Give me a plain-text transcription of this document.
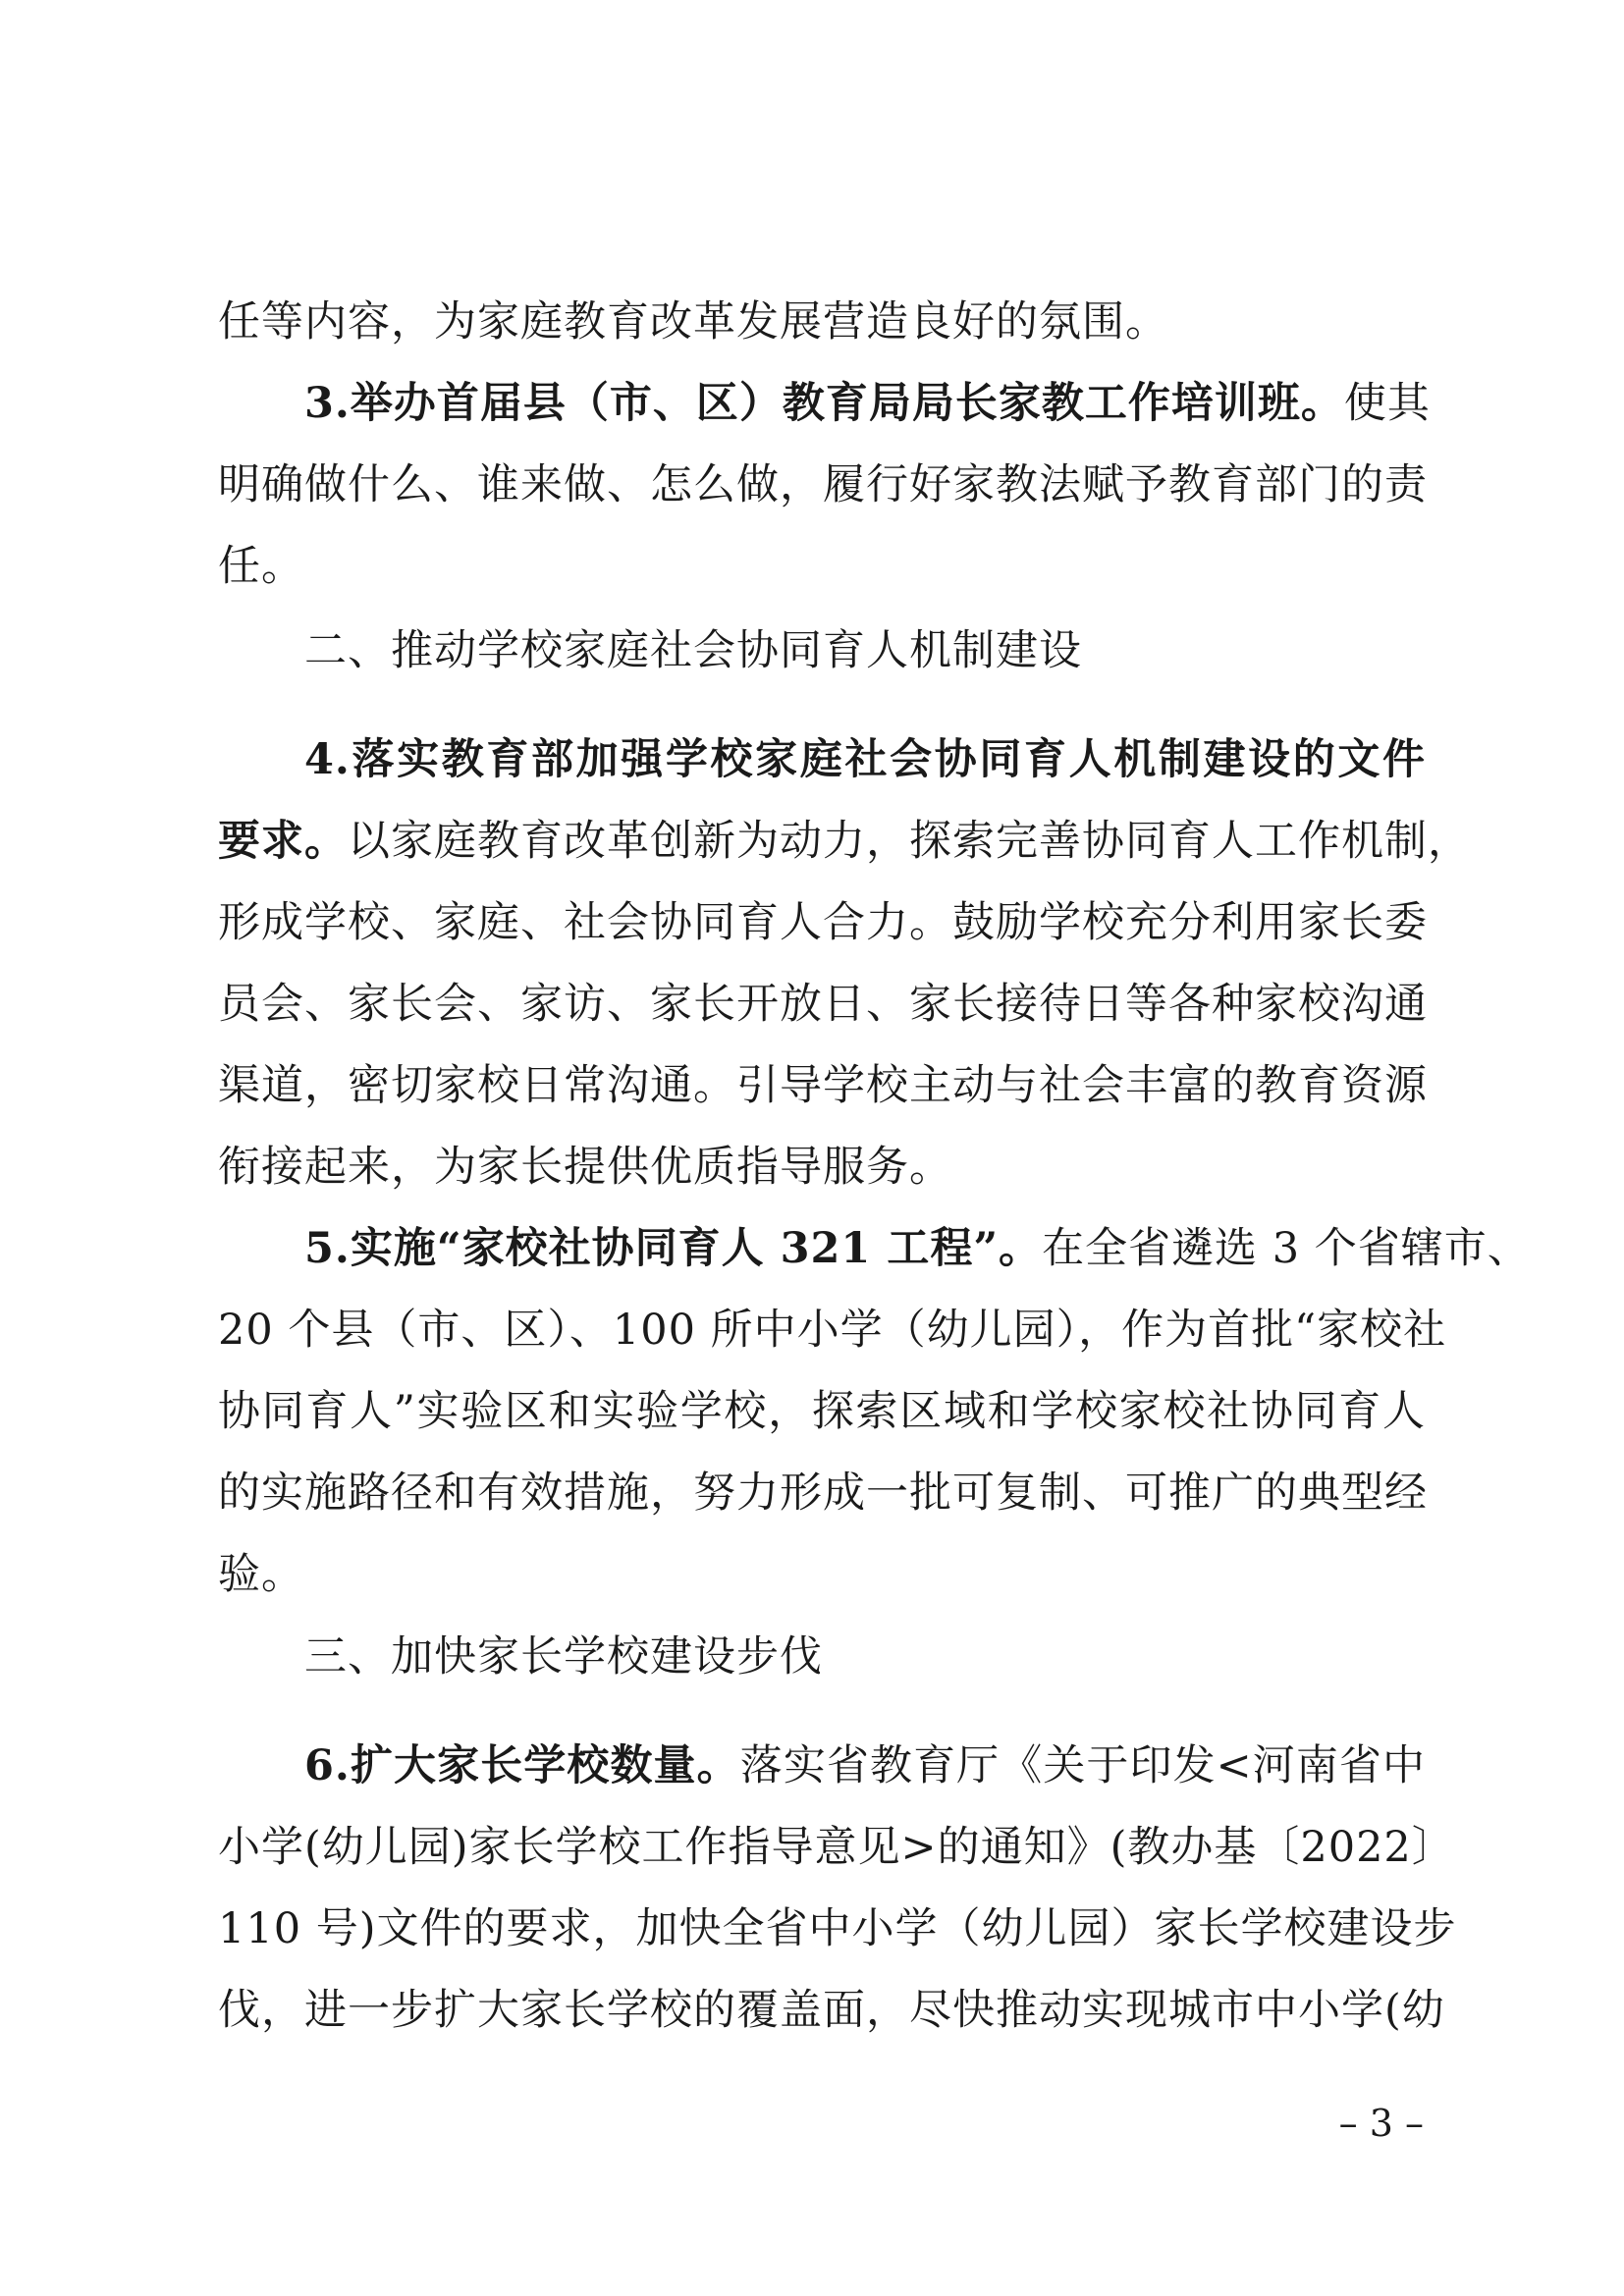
任等内容，为家庭教育改革发展营造良好的氛围。
3.举办首届县（市、区）教育局局长家教工作培训班。使其
明确做什么、谁来做、怎么做，履行好家教法赋予教育部门的责
任。
二、推动学校家庭社会协同育人机制建设
4.落实教育部加强学校家庭社会协同育人机制建设的文件
要求。以家庭教育改革创新为动力，探索完善协同育人工作机制，
形成学校、家庭、社会协同育人合力。鼓励学校充分利用家长委
员会、家长会、家访、家长开放日、家长接待日等各种家校沟通
渠道，密切家校日常沟通。引导学校主动与社会丰富的教育资源
衔接起来，为家长提供优质指导服务。
5.实施“家校社协同育人 321 工程”。在全省遴选 3 个省辖市、
20 个县（市、区）、100 所中小学（幼儿园），作为首批“家校社
协同育人”实验区和实验学校，探索区域和学校家校社协同育人
的实施路径和有效措施，努力形成一批可复制、可推广的典型经
验。
三、加快家长学校建设步伐
6.扩大家长学校数量。落实省教育厅《关于印发<河南省中
小学(幼儿园)家长学校工作指导意见>的通知》(教办基〔2022〕
110 号)文件的要求，加快全省中小学（幼儿园）家长学校建设步
伐，进一步扩大家长学校的覆盖面，尽快推动实现城市中小学(幼
– 3 –
